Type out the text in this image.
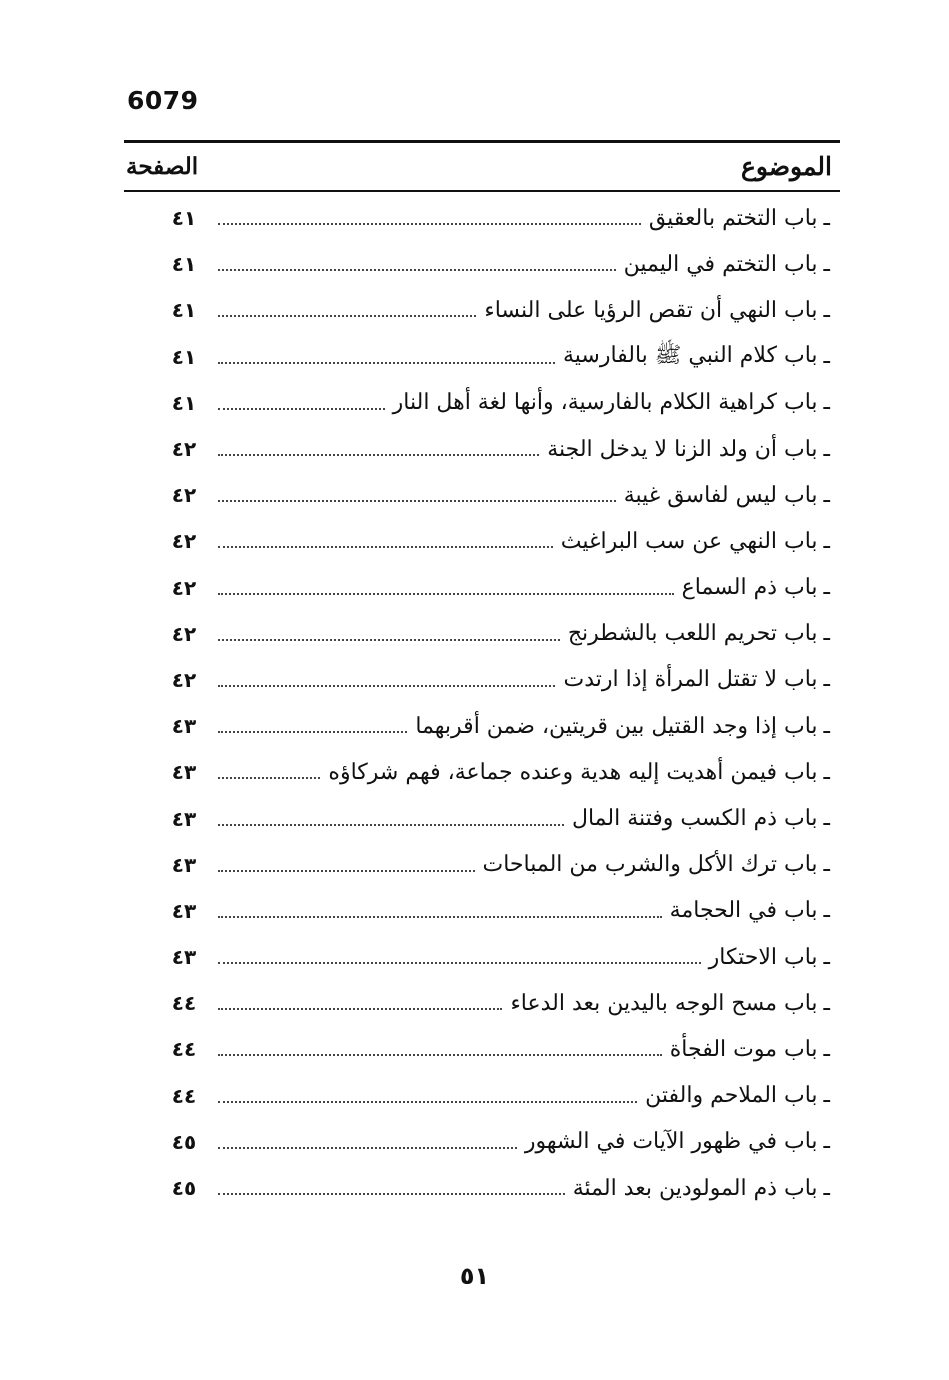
6079
الموضوع
الصفحة
ـ
باب التختم بالعقيق
٤١
ـ
باب التختم في اليمين
٤١
ـ
باب النهي أن تقص الرؤيا على النساء
٤١
ـ
باب كلام النبي ﷺ بالفارسية
٤١
ـ
باب كراهية الكلام بالفارسية، وأنها لغة أهل النار
٤١
ـ
باب أن ولد الزنا لا يدخل الجنة
٤٢
ـ
باب ليس لفاسق غيبة
٤٢
ـ
باب النهي عن سب البراغيث
٤٢
ـ
باب ذم السماع
٤٢
ـ
باب تحريم اللعب بالشطرنج
٤٢
ـ
باب لا تقتل المرأة إذا ارتدت
٤٢
ـ
باب إذا وجد القتيل بين قريتين، ضمن أقربهما
٤٣
ـ
باب فيمن أهديت إليه هدية وعنده جماعة، فهم شركاؤه
٤٣
ـ
باب ذم الكسب وفتنة المال
٤٣
ـ
باب ترك الأكل والشرب من المباحات
٤٣
ـ
باب في الحجامة
٤٣
ـ
باب الاحتكار
٤٣
ـ
باب مسح الوجه باليدين بعد الدعاء
٤٤
ـ
باب موت الفجأة
٤٤
ـ
باب الملاحم والفتن
٤٤
ـ
باب في ظهور الآيات في الشهور
٤٥
ـ
باب ذم المولودين بعد المئة
٤٥
٥١
